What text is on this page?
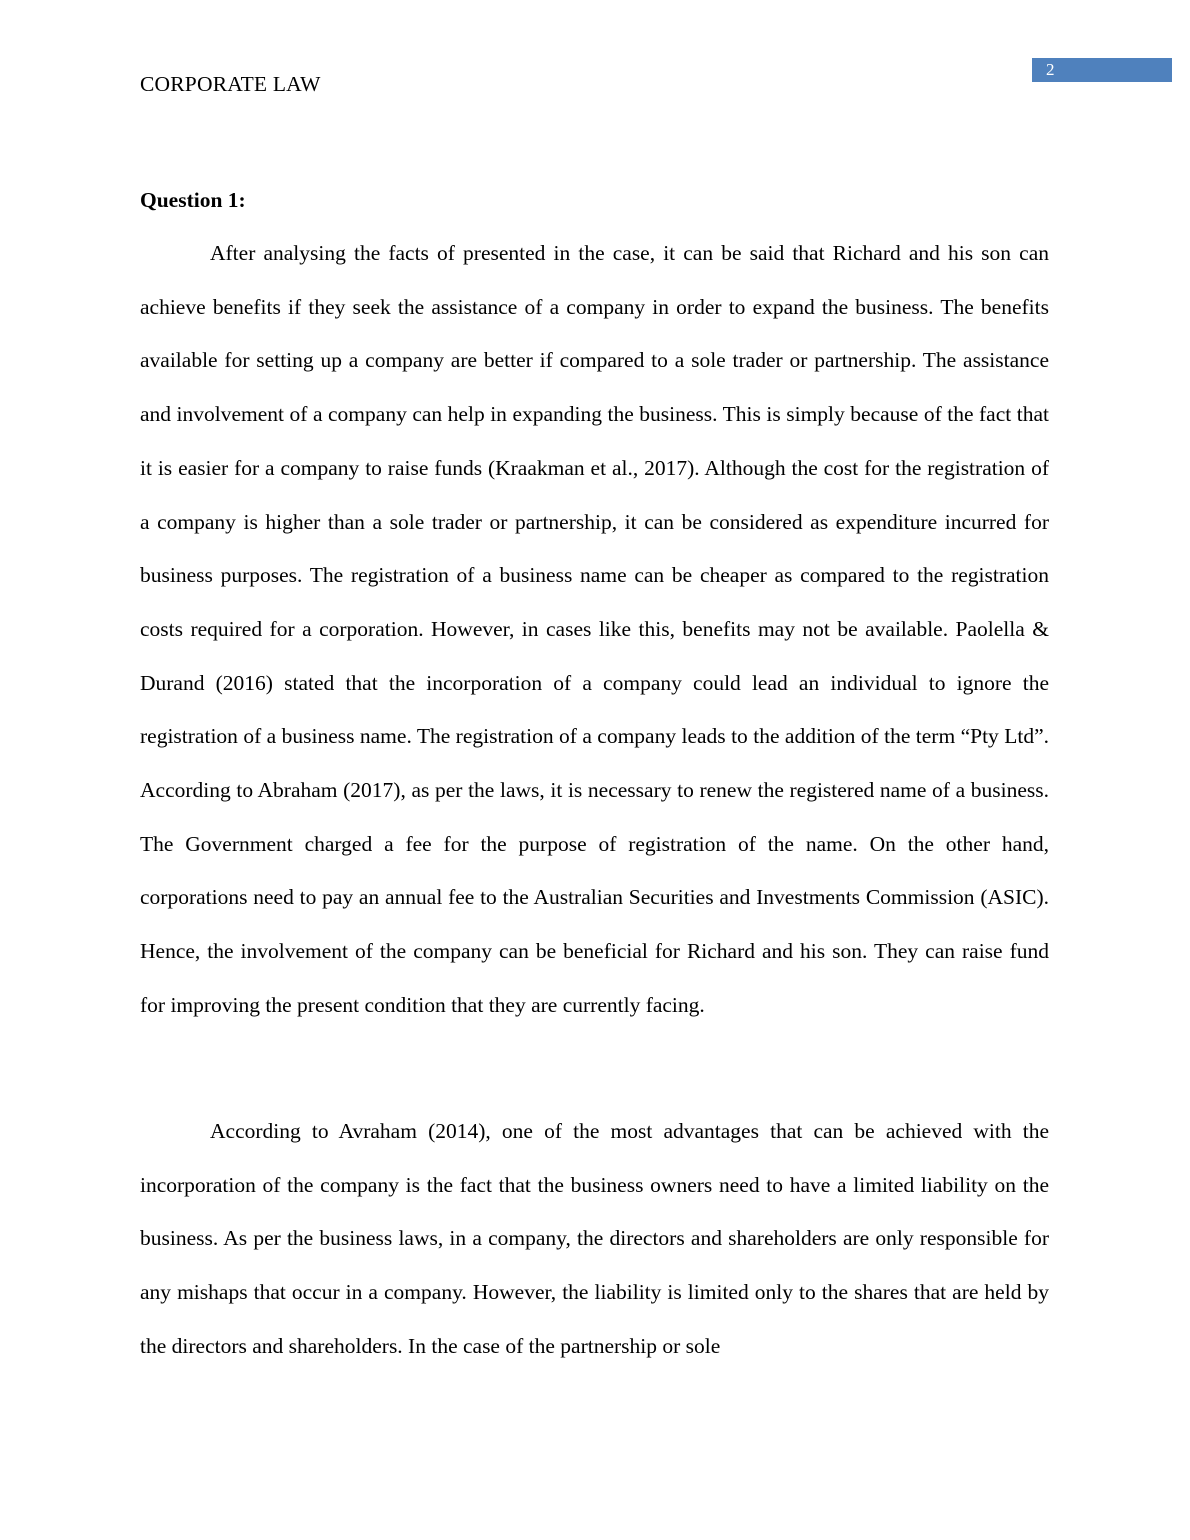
2
CORPORATE LAW
Question 1:

After analysing the facts of presented in the case, it can be said that Richard and his son can achieve benefits if they seek the assistance of a company in order to expand the business. The benefits available for setting up a company are better if compared to a sole trader or partnership. The assistance and involvement of a company can help in expanding the business. This is simply because of the fact that it is easier for a company to raise funds (Kraakman et al., 2017). Although the cost for the registration of a company is higher than a sole trader or partnership, it can be considered as expenditure incurred for business purposes. The registration of a business name can be cheaper as compared to the registration costs required for a corporation. However, in cases like this, benefits may not be available. Paolella & Durand (2016) stated that the incorporation of a company could lead an individual to ignore the registration of a business name. The registration of a company leads to the addition of the term “Pty Ltd”. According to Abraham (2017), as per the laws, it is necessary to renew the registered name of a business. The Government charged a fee for the purpose of registration of the name. On the other hand, corporations need to pay an annual fee to the Australian Securities and Investments Commission (ASIC). Hence, the involvement of the company can be beneficial for Richard and his son. They can raise fund for improving the present condition that they are currently facing.

According to Avraham (2014), one of the most advantages that can be achieved with the incorporation of the company is the fact that the business owners need to have a limited liability on the business. As per the business laws, in a company, the directors and shareholders are only responsible for any mishaps that occur in a company. However, the liability is limited only to the shares that are held by the directors and shareholders. In the case of the partnership or sole
